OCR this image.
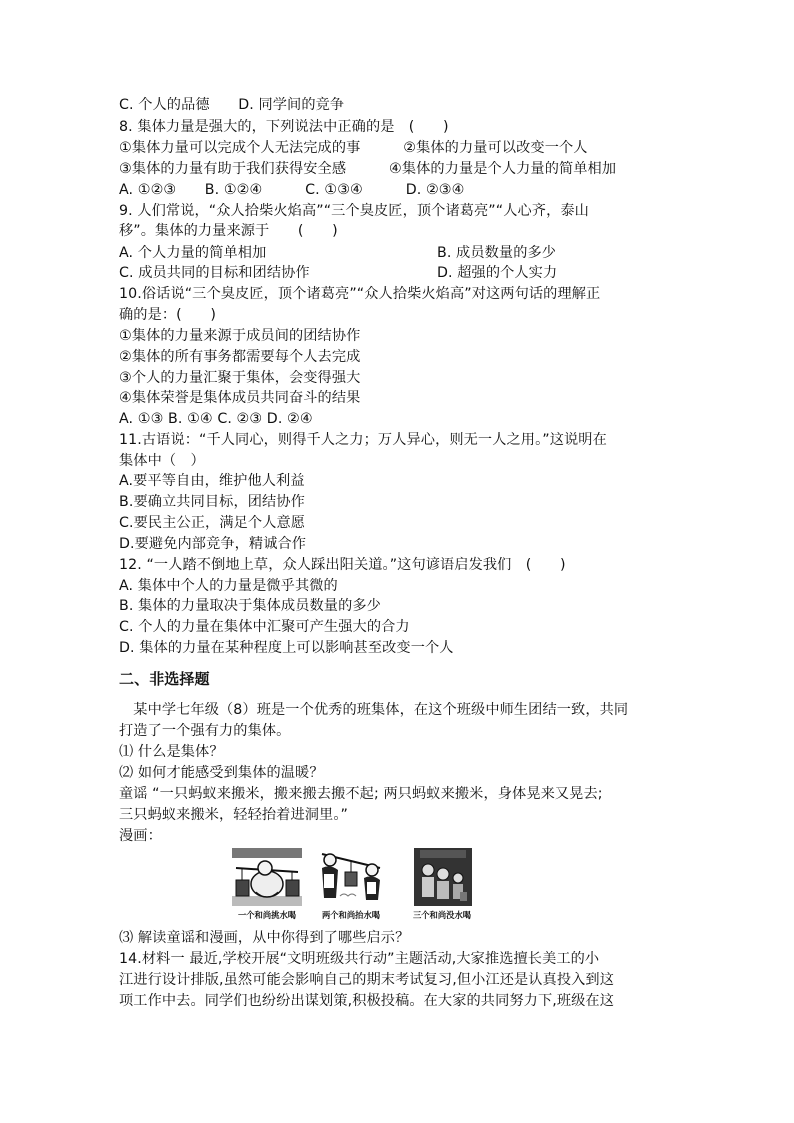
C. 个人的品德　　D. 同学间的竞争
8. 集体力量是强大的，下列说法中正确的是　(　　)
①集体力量可以完成个人无法完成的事　　　②集体的力量可以改变一个人
③集体的力量有助于我们获得安全感　　　④集体的力量是个人力量的简单相加
A. ①②③　　B. ①②④　　　C. ①③④　　　D. ②③④
9. 人们常说，“众人拾柴火焰高”“三个臭皮匠，顶个诸葛亮”“人心齐，泰山
移”。集体的力量来源于　　(　　)
A. 个人力量的简单相加	B. 成员数量的多少
C. 成员共同的目标和团结协作	D. 超强的个人实力
10.俗话说“三个臭皮匠，顶个诸葛亮”“众人拾柴火焰高”对这两句话的理解正
确的是：(　　)
①集体的力量来源于成员间的团结协作
②集体的所有事务都需要每个人去完成
③个人的力量汇聚于集体，会变得强大
④集体荣誉是集体成员共同奋斗的结果
A. ①③ B. ①④ C. ②③ D. ②④
11.古语说：“千人同心，则得千人之力；万人异心，则无一人之用。”这说明在
集体中（　）
A.要平等自由，维护他人利益
B.要确立共同目标，团结协作
C.要民主公正，满足个人意愿
D.要避免内部竞争，精诚合作
12. “一人踏不倒地上草，众人踩出阳关道。”这句谚语启发我们　(　　)
A. 集体中个人的力量是微乎其微的
B. 集体的力量取决于集体成员数量的多少
C. 个人的力量在集体中汇聚可产生强大的合力
D. 集体的力量在某种程度上可以影响甚至改变一个人
二、非选择题
　某中学七年级（8）班是一个优秀的班集体，在这个班级中师生团结一致，共同
打造了一个强有力的集体。
⑴ 什么是集体？
⑵ 如何才能感受到集体的温暖？
童谣 “一只蚂蚁来搬米，搬来搬去搬不起; 两只蚂蚁来搬米，身体晃来又晃去;
三只蚂蚁来搬米，轻轻抬着进洞里。”
漫画：
一个和尚挑水喝	两个和尚抬水喝	三个和尚没水喝
⑶ 解读童谣和漫画，从中你得到了哪些启示？
14.材料一 最近,学校开展“文明班级共行动”主题活动,大家推选擅长美工的小
江进行设计排版,虽然可能会影响自己的期末考试复习,但小江还是认真投入到这
项工作中去。同学们也纷纷出谋划策,积极投稿。在大家的共同努力下,班级在这
